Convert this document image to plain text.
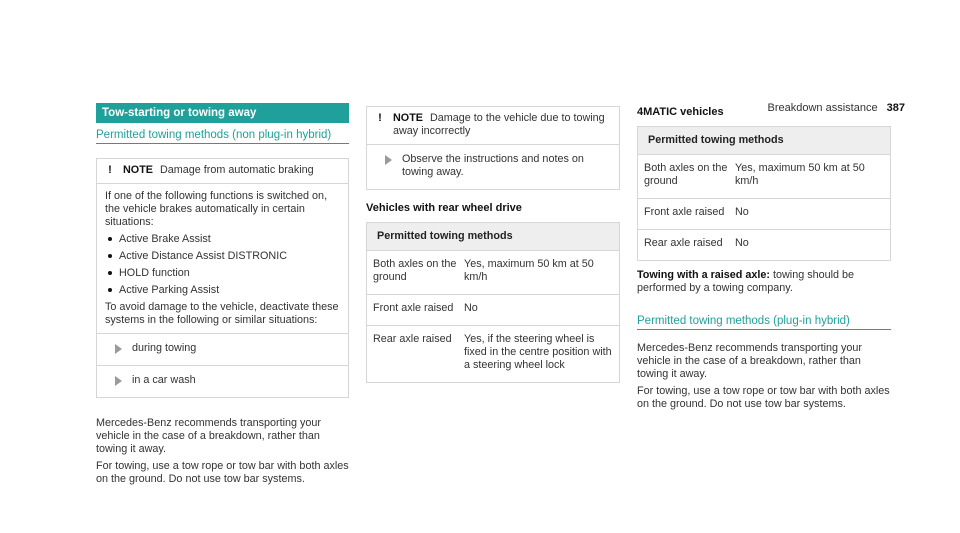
Breakdown assistance 387
Tow-starting or towing away
Permitted towing methods (non plug-in hybrid)
! NOTE Damage from automatic braking
If one of the following functions is switched on, the vehicle brakes automatically in certain situations:
Active Brake Assist
Active Distance Assist DISTRONIC
HOLD function
Active Parking Assist
To avoid damage to the vehicle, deactivate these systems in the following or similar situations:
during towing
in a car wash

Mercedes-Benz recommends transporting your vehicle in the case of a breakdown, rather than towing it away.

For towing, use a tow rope or tow bar with both axles on the ground. Do not use tow bar systems.

! NOTE Damage to the vehicle due to towing away incorrectly
Observe the instructions and notes on towing away.
Vehicles with rear wheel drive
Permitted towing methods
Both axles on the ground
Yes, maximum 50 km at 50 km/h
Front axle raised No
Rear axle raised	Yes, if the steering wheel is fixed in the centre position with a steering wheel lock
4MATIC vehicles
Permitted towing methods
Both axles on the ground
Yes, maximum 50 km at 50 km/h
Front axle raised No
Rear axle raised	No
Towing with a raised axle: towing should be performed by a towing company.
Permitted towing methods (plug-in hybrid)

Mercedes-Benz recommends transporting your vehicle in the case of a breakdown, rather than towing it away.

For towing, use a tow rope or tow bar with both axles on the ground. Do not use tow bar systems.
